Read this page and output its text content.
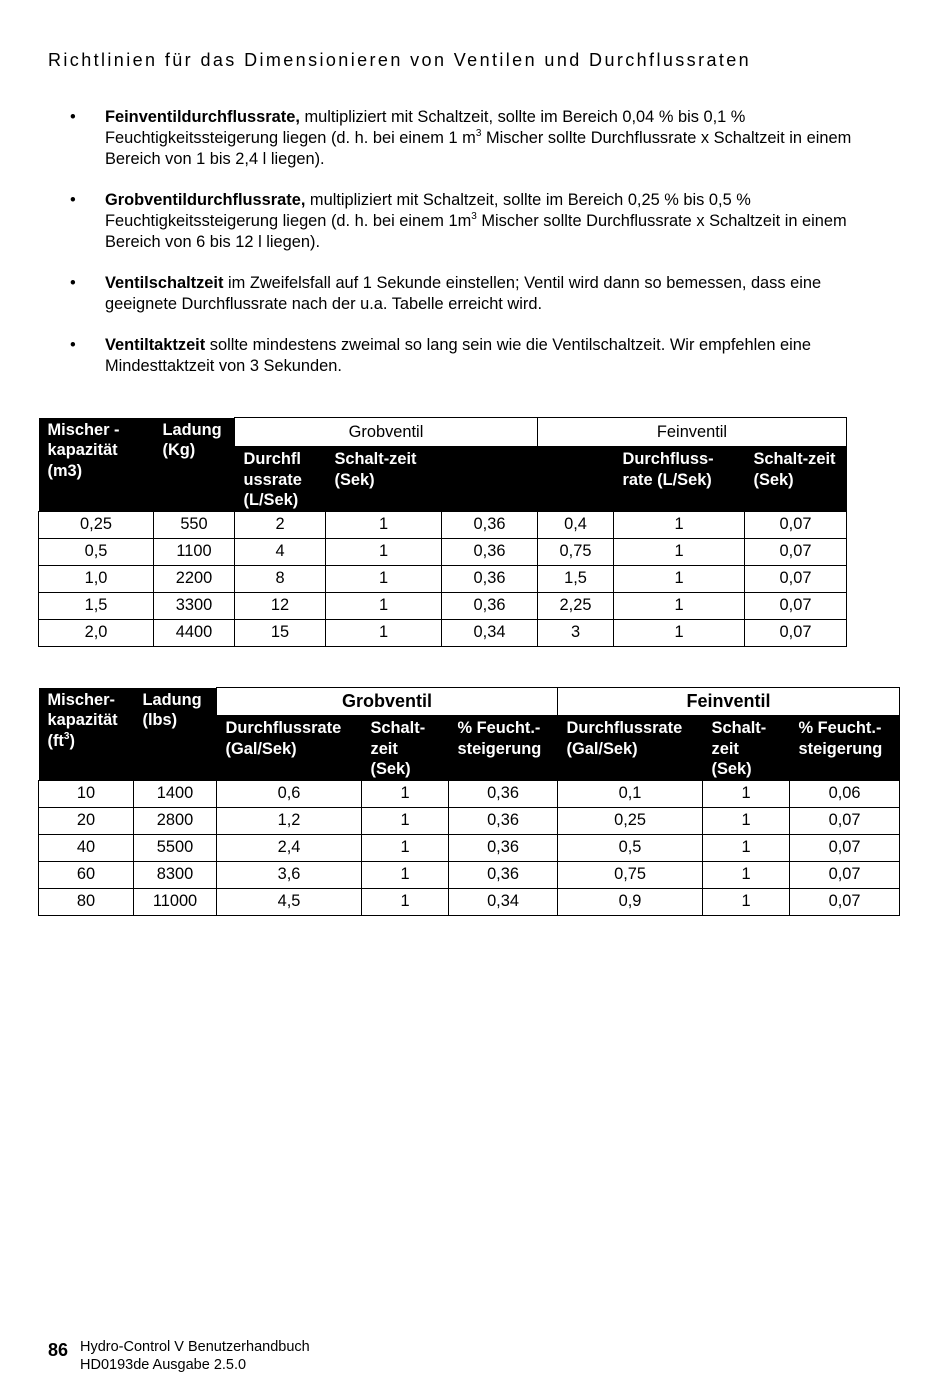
Richtlinien für das Dimensionieren von Ventilen und Durchflussraten
• Feinventildurchflussrate, multipliziert mit Schaltzeit, sollte im Bereich 0,04 % bis 0,1 % Feuchtigkeitssteigerung liegen (d. h. bei einem 1 $m^3$ Mischer sollte Durchflussrate x Schaltzeit in einem Bereich von 1 bis 2,4 l liegen).
• Grobventildurchflussrate, multipliziert mit Schaltzeit, sollte im Bereich 0,25 % bis 0,5 % Feuchtigkeitssteigerung liegen (d. h. bei einem $1m^3$ Mischer sollte Durchflussrate x Schaltzeit in einem Bereich von 6 bis 12 l liegen).
• Ventilschaltzeit im Zweifelsfall auf 1 Sekunde einstellen; Ventil wird dann so bemessen, dass eine geeignete Durchflussrate nach der u.a. Tabelle erreicht wird.
• Ventiltaktzeit sollte mindestens zweimal so lang sein wie die Ventilschaltzeit. Wir empfehlen eine Mindesttaktzeit von 3 Sekunden.
Mischer - kapazität (m3)	Ladung (Kg)	Grobventil			Feinventil		
		Durchfl ussrate (L/Sek)	Schalt-zeit (Sek)			Durchfluss-rate (L/Sek)	Schalt-zeit (Sek)
0,25	550	2	1	0,36	0,4	1	0,07
0,5	1100	4	1	0,36	0,75	1	0,07
1,0	2200	8	1	0,36	1,5	1	0,07
1,5	3300	12	1	0,36	2,25	1	0,07
2,0	4400	15	1	0,34	3	1	0,07
Mischer-kapazität
$(ft^3)$	Ladung (lbs)	Grobventil			Feinventil		
		Durchflussrate (Gal/Sek)	Schalt-zeit (Sek)	% Feucht.-steigerung	Durchflussrate (Gal/Sek)	Schalt-zeit (Sek)	% Feucht.-steigerung
10	1400	0,6	1	0,36	0,1	1	0,06
20	2800	1,2	1	0,36	0,25	1	0,07
40	5500	2,4	1	0,36	0,5	1	0,07
60	8300	3,6	1	0,36	0,75	1	0,07
80	11000	4,5	1	0,34	0,9	1	0,07
86 Hydro-Control V Benutzerhandbuch
HD0193de Ausgabe 2.5.0
